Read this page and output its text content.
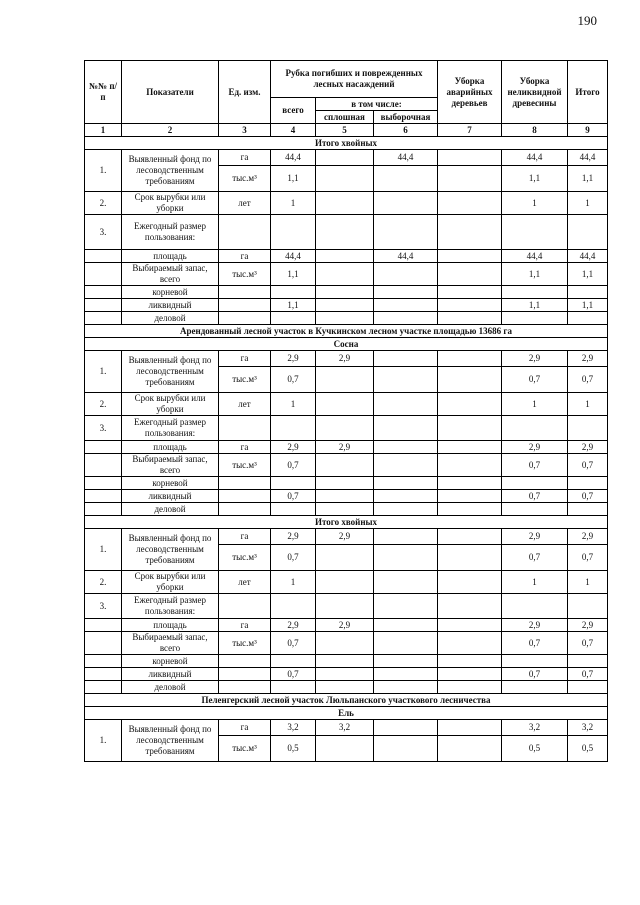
190
№№ п/п	Показатели	Ед. изм.	Рубка погибших и поврежденных лесных насаждений			Уборка аварийных деревьев	Уборка неликвидной древесины	Итого
			всего	в том числе:				
				сплошная	выборочная			
1	2	3	4	5	6	7	8	9
Итого хвойных								
1.	Выявленный фонд по лесоводственным требованиям	га	44,4		44,4		44,4	44,4
		тыс.м³	1,1				1,1	1,1
2.	Срок вырубки или уборки	лет	1				1	1
3.	Ежегодный размер пользования:							
	площадь	га	44,4		44,4		44,4	44,4
	Выбираемый запас, всего	тыс.м³	1,1				1,1	1,1
	корневой							
	ликвидный		1,1				1,1	1,1
	деловой							
Арендованный лесной участок в Кучкинском лесном участке площадью 13686 га								
Сосна								
1.	Выявленный фонд по лесоводственным требованиям	га	2,9	2,9			2,9	2,9
		тыс.м³	0,7				0,7	0,7
2.	Срок вырубки или уборки	лет	1				1	1
3.	Ежегодный размер пользования:							
	площадь	га	2,9	2,9			2,9	2,9
	Выбираемый запас, всего	тыс.м³	0,7				0,7	0,7
	корневой							
	ликвидный		0,7				0,7	0,7
	деловой							
Итого хвойных								
1.	Выявленный фонд по лесоводственным требованиям	га	2,9	2,9			2,9	2,9
		тыс.м³	0,7				0,7	0,7
2.	Срок вырубки или уборки	лет	1				1	1
3.	Ежегодный размер пользования:							
	площадь	га	2,9	2,9			2,9	2,9
	Выбираемый запас, всего	тыс.м³	0,7				0,7	0,7
	корневой							
	ликвидный		0,7				0,7	0,7
	деловой							
Пеленгерский лесной участок Люльпанского участкового лесничества								
Ель								
1.	Выявленный фонд по лесоводственным требованиям	га	3,2	3,2			3,2	3,2
		тыс.м³	0,5				0,5	0,5
